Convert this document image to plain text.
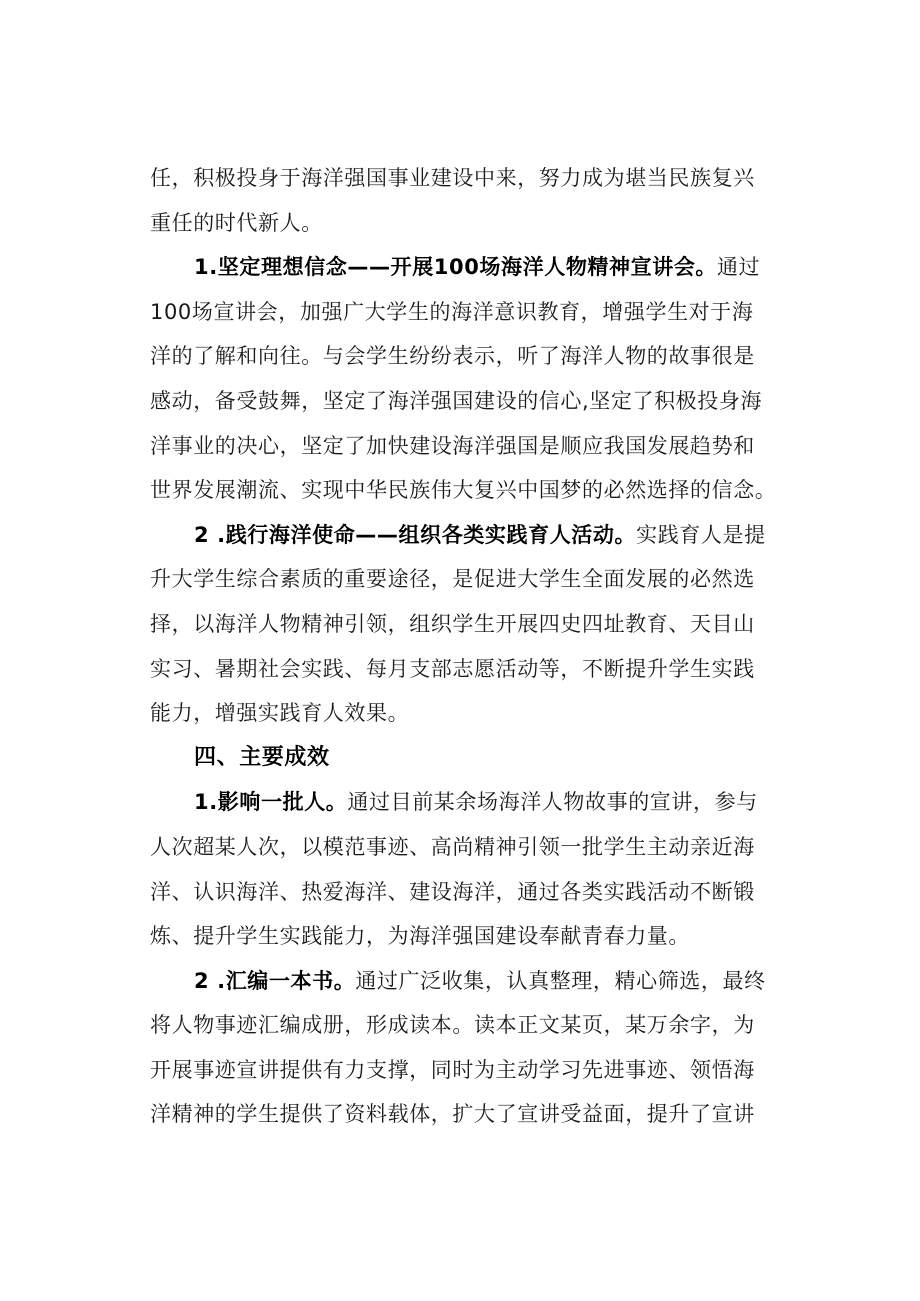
任，积极投身于海洋强国事业建设中来，努力成为堪当民族复兴
重任的时代新人。

1.坚定理想信念——开展100场海洋人物精神宣讲会。通过
100场宣讲会，加强广大学生的海洋意识教育，增强学生对于海
洋的了解和向往。与会学生纷纷表示，听了海洋人物的故事很是
感动，备受鼓舞，坚定了海洋强国建设的信心,坚定了积极投身海
洋事业的决心，坚定了加快建设海洋强国是顺应我国发展趋势和
世界发展潮流、实现中华民族伟大复兴中国梦的必然选择的信念。

2 .践行海洋使命——组织各类实践育人活动。实践育人是提
升大学生综合素质的重要途径，是促进大学生全面发展的必然选
择，以海洋人物精神引领，组织学生开展四史四址教育、天目山
实习、暑期社会实践、每月支部志愿活动等，不断提升学生实践
能力，增强实践育人效果。

四、主要成效

1.影响一批人。通过目前某余场海洋人物故事的宣讲，参与
人次超某人次，以模范事迹、高尚精神引领一批学生主动亲近海
洋、认识海洋、热爱海洋、建设海洋，通过各类实践活动不断锻
炼、提升学生实践能力，为海洋强国建设奉献青春力量。

2 .汇编一本书。通过广泛收集，认真整理，精心筛选，最终
将人物事迹汇编成册，形成读本。读本正文某页，某万余字，为
开展事迹宣讲提供有力支撑，同时为主动学习先进事迹、领悟海
洋精神的学生提供了资料载体，扩大了宣讲受益面，提升了宣讲
